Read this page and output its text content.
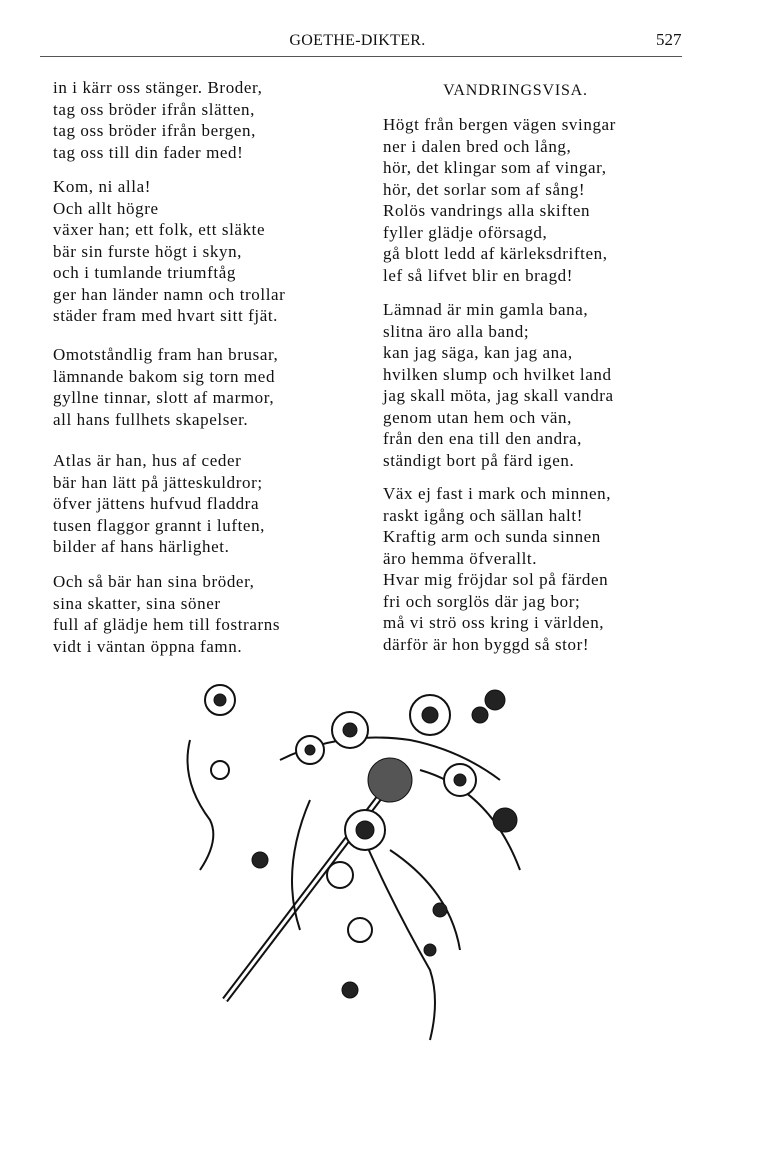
GOETHE-DIKTER.	527
in i kärr oss stänger. Broder,
tag oss bröder ifrån slätten,
tag oss bröder ifrån bergen,
tag oss till din fader med!
Kom, ni alla!
Och allt högre
växer han; ett folk, ett släkte
bär sin furste högt i skyn,
och i tumlande triumftåg
ger han länder namn och trollar
städer fram med hvart sitt fjät.
Omotståndlig fram han brusar,
lämnande bakom sig torn med
gyllne tinnar, slott af marmor,
all hans fullhets skapelser.
Atlas är han, hus af ceder
bär han lätt på jätteskuldror;
öfver jättens hufvud fladdra
tusen flaggor grannt i luften,
bilder af hans härlighet.
Och så bär han sina bröder,
sina skatter, sina söner
full af glädje hem till fostrarns
vidt i väntan öppna famn.
VANDRINGSVISA.
Högt från bergen vägen svingar
ner i dalen bred och lång,
hör, det klingar som af vingar,
hör, det sorlar som af sång!
Rolös vandrings alla skiften
fyller glädje oförsagd,
gå blott ledd af kärleksdriften,
lef så lifvet blir en bragd!
Lämnad är min gamla bana,
slitna äro alla band;
kan jag säga, kan jag ana,
hvilken slump och hvilket land
jag skall möta, jag skall vandra
genom utan hem och vän,
från den ena till den andra,
ständigt bort på färd igen.
Väx ej fast i mark och minnen,
raskt igång och sällan halt!
Kraftig arm och sunda sinnen
äro hemma öfverallt.
Hvar mig fröjdar sol på färden
fri och sorglös där jag bor;
må vi strö oss kring i världen,
därför är hon byggd så stor!
